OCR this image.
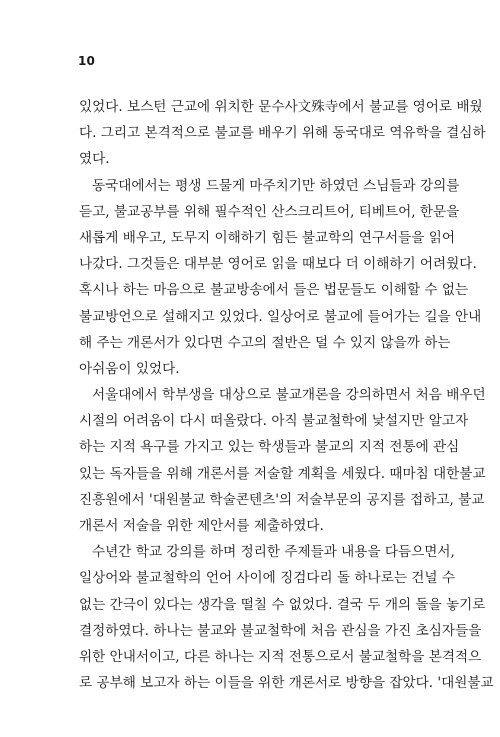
10
있었다. 보스턴 근교에 위치한 문수사文殊寺에서 불교를 영어로 배웠
다. 그리고 본격적으로 불교를 배우기 위해 동국대로 역유학을 결심하
였다.
동국대에서는 평생 드물게 마주치기만 하였던 스님들과 강의를
듣고, 불교공부를 위해 필수적인 산스크리트어, 티베트어, 한문을
새롭게 배우고, 도무지 이해하기 힘든 불교학의 연구서들을 읽어
나갔다. 그것들은 대부분 영어로 읽을 때보다 더 이해하기 어려웠다.
혹시나 하는 마음으로 불교방송에서 들은 법문들도 이해할 수 없는
불교방언으로 설해지고 있었다. 일상어로 불교에 들어가는 길을 안내
해 주는 개론서가 있다면 수고의 절반은 덜 수 있지 않을까 하는
아쉬움이 있었다.
서울대에서 학부생을 대상으로 불교개론을 강의하면서 처음 배우던
시절의 어려움이 다시 떠올랐다. 아직 불교철학에 낯설지만 알고자
하는 지적 욕구를 가지고 있는 학생들과 불교의 지적 전통에 관심
있는 독자들을 위해 개론서를 저술할 계획을 세웠다. 때마침 대한불교
진흥원에서 '대원불교 학술콘텐츠'의 저술부문의 공지를 접하고, 불교
개론서 저술을 위한 제안서를 제출하였다.
수년간 학교 강의를 하며 정리한 주제들과 내용을 다듬으면서,
일상어와 불교철학의 언어 사이에 징검다리 돌 하나로는 건널 수
없는 간극이 있다는 생각을 떨칠 수 없었다. 결국 두 개의 돌을 놓기로
결정하였다. 하나는 불교와 불교철학에 처음 관심을 가진 초심자들을
위한 안내서이고, 다른 하나는 지적 전통으로서 불교철학을 본격적으
로 공부해 보고자 하는 이들을 위한 개론서로 방향을 잡았다. '대원불교
